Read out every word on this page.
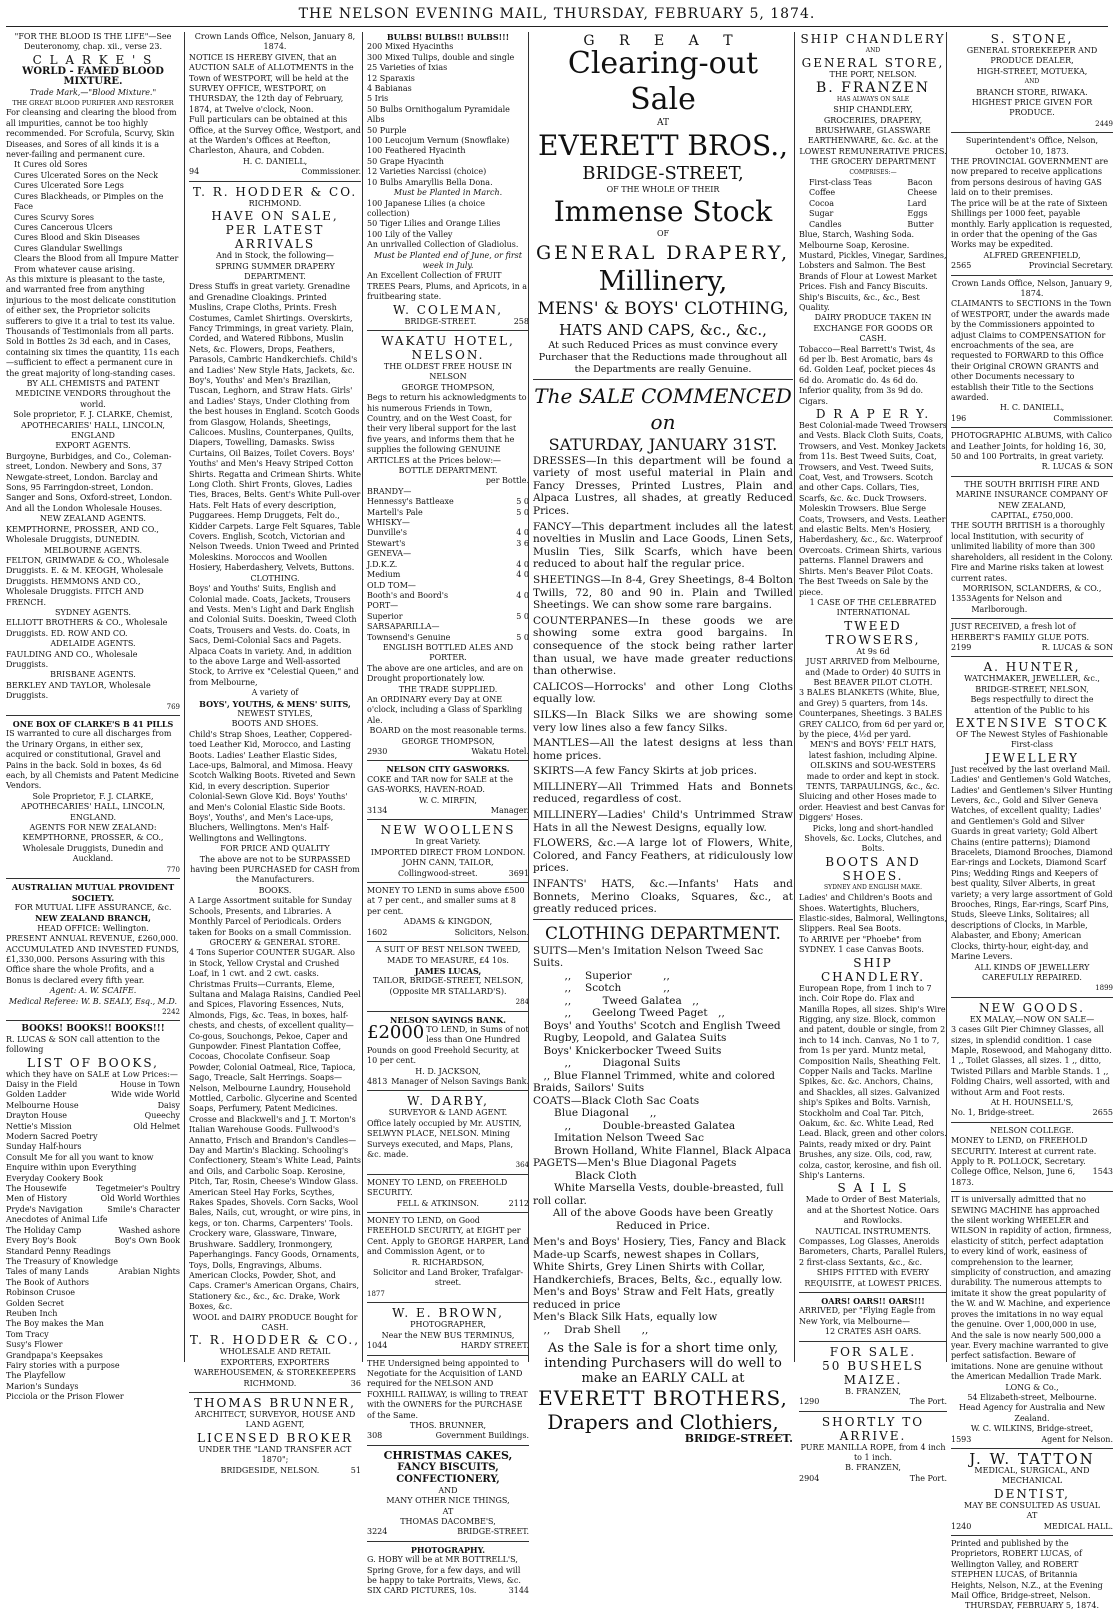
THE NELSON EVENING MAIL, THURSDAY, FEBRUARY 5, 1874.

"FOR THE BLOOD IS THE LIFE"—See Deuteronomy, chap. xii., verse 23.

C L A R K E ' S

WORLD - FAMED BLOOD MIXTURE.

Trade Mark,—"Blood Mixture."

THE GREAT BLOOD PURIFIER AND RESTORER

For cleansing and clearing the blood from all impurities, cannot be too highly recommended. For Scrofula, Scurvy, Skin Diseases, and Sores of all kinds it is a never-failing and permanent cure.

It Cures old Sores

Cures Ulcerated Sores on the Neck

Cures Ulcerated Sore Legs

Cures Blackheads, or Pimples on the Face

Cures Scurvy Sores

Cures Cancerous Ulcers

Cures Blood and Skin Diseases

Cures Glandular Swellings

Clears the Blood from all Impure Matter From whatever cause arising.

As this mixture is pleasant to the taste, and warranted free from anything injurious to the most delicate constitution of either sex, the Proprietor solicits sufferers to give it a trial to test its value. Thousands of Testimonials from all parts.

Sold in Bottles 2s 3d each, and in Cases, containing six times the quantity, 11s each—sufficient to effect a permanent cure in the great majority of long-standing cases.

BY ALL CHEMISTS and PATENT MEDICINE VENDORS throughout the world.

Sole proprietor, F. J. CLARKE, Chemist, APOTHECARIES' HALL, LINCOLN, ENGLAND

EXPORT AGENTS.

Burgoyne, Burbidges, and Co., Coleman-street, London. Newbery and Sons, 37 Newgate-street, London. Barclay and Sons, 95 Farringdon-street, London. Sanger and Sons, Oxford-street, London. And all the London Wholesale Houses.

NEW ZEALAND AGENTS.

KEMPTHORNE, PROSSER, AND CO., Wholesale Druggists, DUNEDIN.

MELBOURNE AGENTS.

FELTON, GRIMWADE & CO., Wholesale Druggists. E. & M. KEOGH, Wholesale Druggists. HEMMONS AND CO., Wholesale Druggists. FITCH AND FRENCH.

SYDNEY AGENTS.

ELLIOTT BROTHERS & CO., Wholesale Druggists. ED. ROW AND CO.

ADELAIDE AGENTS.

FAULDING AND CO., Wholesale Druggists.

BRISBANE AGENTS.

BERKLEY AND TAYLOR, Wholesale Druggists.

769

ONE BOX OF CLARKE'S B 41 PILLS

IS warranted to cure all discharges from the Urinary Organs, in either sex, acquired or constitutional, Gravel and Pains in the back. Sold in boxes, 4s 6d each, by all Chemists and Patent Medicine Vendors.

Sole Proprietor, F. J. CLARKE, APOTHECARIES' HALL, LINCOLN, ENGLAND.

AGENTS FOR NEW ZEALAND: KEMPTHORNE, PROSSER, & CO., Wholesale Druggists, Dunedin and Auckland.

770

AUSTRALIAN MUTUAL PROVIDENT SOCIETY.

FOR MUTUAL LIFE ASSURANCE, &c.

NEW ZEALAND BRANCH,

HEAD OFFICE: Wellington.

PRESENT ANNUAL REVENUE, £260,000. ACCUMULATED AND INVESTED FUNDS, £1,330,000. Persons Assuring with this Office share the whole Profits, and a Bonus is declared every fifth year.

Agent: A. W. SCAIFE.

Medical Referee: W. B. SEALY, Esq., M.D.

2242

BOOKS! BOOKS!! BOOKS!!!

R. LUCAS & SON call attention to the following

LIST OF BOOKS,

which they have on SALE at Low Prices:—

Daisy in the Field	House in Town
Golden Ladder	Wide wide World
Melbourne House	Daisy
Drayton House	Queechy
Nettie's Mission	Old Helmet
Modern Sacred Poetry
Sunday Half-hours
Consult Me for all you want to know
Enquire within upon Everything
Everyday Cookery Book
The Housewife	Tegetmeier's Poultry
Men of History	Old World Worthies
Pryde's Navigation	Smile's Character
Anecdotes of Animal Life
The Holiday Camp	Washed ashore
Every Boy's Book	Boy's Own Book
Standard Penny Readings
The Treasury of Knowledge
Tales of many Lands	Arabian Nights
The Book of Authors
Robinson Crusoe
Golden Secret
Reuben Inch
The Boy makes the Man
Tom Tracy
Susy's Flower
Grandpapa's Keepsakes
Fairy stories with a purpose
The Playfellow
Marion's Sundays
Picciola or the Prison Flower

Crown Lands Office, Nelson, January 8, 1874.

NOTICE IS HEREBY GIVEN, that an AUCTION SALE of ALLOTMENTS in the Town of WESTPORT, will be held at the SURVEY OFFICE, WESTPORT, on THURSDAY, the 12th day of February, 1874, at Twelve o'clock, Noon.

Full particulars can be obtained at this Office, at the Survey Office, Westport, and at the Warden's Offices at Reefton, Charleston, Ahaura, and Cobden.

H. C. DANIELL,

94	Commissioner.

T. R. HODDER & CO.

RICHMOND.

HAVE ON SALE,

PER LATEST ARRIVALS

And in Stock, the following—

SPRING SUMMER DRAPERY DEPARTMENT.

Dress Stuffs in great variety. Grenadine and Grenadine Cloakings. Printed Muslins, Crape Cloths, Prints. Fresh Costumes, Camlet Shirtings. Overskirts, Fancy Trimmings, in great variety. Plain, Corded, and Watered Ribbons, Muslin Nets, &c. Flowers, Drops, Feathers, Parasols, Cambric Handkerchiefs. Child's and Ladies' New Style Hats, Jackets, &c. Boy's, Youths' and Men's Brazilian, Tuscan, Leghorn, and Straw Hats. Girls' and Ladies' Stays, Under Clothing from the best houses in England. Scotch Goods from Glasgow, Holands, Sheetings, Calicoes. Muslins, Counterpanes, Quilts, Diapers, Towelling, Damasks. Swiss Curtains, Oil Baizes, Toilet Covers. Boys' Youths' and Men's Heavy Striped Cotton Shirts. Regatta and Crimean Shirts. White Long Cloth. Shirt Fronts, Gloves, Ladies Ties, Braces, Belts. Gent's White Pull-over Hats. Felt Hats of every description, Puggarees. Hemp Druggets, Felt do., Kidder Carpets. Large Felt Squares, Table Covers. English, Scotch, Victorian and Nelson Tweeds. Union Tweed and Printed Moleskins. Moroccos and Woollen Hosiery, Haberdashery, Velvets, Buttons.

CLOTHING.

Boys' and Youths' Suits, English and Colonial made. Coats, Jackets, Trousers and Vests. Men's Light and Dark English and Colonial Suits. Doeskin, Tweed Cloth Coats, Trousers and Vests. do. Coats, in Sacs, Demi-Colonial Sacs and Pagets. Alpaca Coats in variety. And, in addition to the above Large and Well-assorted Stock, to Arrive ex "Celestial Queen," and from Melbourne,

A variety of

BOYS', YOUTHS, & MENS' SUITS,

NEWEST STYLES,

BOOTS AND SHOES.

Child's Strap Shoes, Leather, Coppered-toed Leather Kid, Morocco, and Lasting Boots. Ladies' Leather Elastic Sides, Lace-ups, Balmoral, and Mimosa. Heavy Scotch Walking Boots. Riveted and Sewn Kid, in every description. Superior Colonial-Sewn Glove Kid. Boys' Youths' and Men's Colonial Elastic Side Boots. Boys', Youths', and Men's Lace-ups, Bluchers, Wellingtons. Men's Half-Wellingtons and Wellingtons.

FOR PRICE AND QUALITY

The above are not to be SURPASSED having been PURCHASED for CASH from the Manufacturers.

BOOKS.

A Large Assortment suitable for Sunday Schools, Presents, and Libraries. A Monthly Parcel of Periodicals. Orders taken for Books on a small Commission.

GROCERY & GENERAL STORE.

4 Tons Superior COUNTER SUGAR. Also in Stock, Yellow Crystal and Crushed Loaf, in 1 cwt. and 2 cwt. casks. Christmas Fruits—Currants, Eleme, Sultana and Malaga Raisins, Candied Peel and Spices, Flavoring Essences, Nuts, Almonds, Figs, &c. Teas, in boxes, half-chests, and chests, of excellent quality—Co-gous, Souchongs, Pekoe, Caper and Gunpowder. Finest Plantation Coffee, Cocoas, Chocolate Confiseur. Soap Powder, Colonial Oatmeal, Rice, Tapioca, Sago, Treacle, Salt Herrings. Soaps—Nelson, Melbourne Laundry, Household Mottled, Carbolic. Glycerine and Scented Soaps, Perfumery, Patent Medicines. Crosse and Blackwell's and J. T. Morton's Italian Warehouse Goods. Fullwood's Annatto, Frisch and Brandon's Candles—Day and Martin's Blacking. Schooling's Confectionery, Steam's White Lead, Paints and Oils, and Carbolic Soap. Kerosine, Pitch, Tar, Rosin, Cheese's Window Glass. American Steel Hay Forks, Scythes, Rakes Spades, Shovels. Corn Sacks, Wool Bales, Nails, cut, wrought, or wire pins, in kegs, or ton. Charms, Carpenters' Tools. Crockery ware, Glassware, Tinware, Brushware. Saddlery, Ironmongery, Paperhangings. Fancy Goods, Ornaments, Toys, Dolls, Engravings, Albums. American Clocks, Powder, Shot, and Caps. Cramer's American Organs, Chairs, Stationery &c., &c., &c. Drake, Work Boxes, &c.

WOOL and DAIRY PRODUCE Bought for CASH.

T. R. HODDER & CO.,

WHOLESALE AND RETAIL

EXPORTERS, EXPORTERS WAREHOUSEMEN, & STOREKEEPERS

RICHMOND.	36

THOMAS BRUNNER,

ARCHITECT, SURVEYOR, HOUSE AND LAND AGENT,

LICENSED BROKER

UNDER THE "LAND TRANSFER ACT 1870";

BRIDGESIDE, NELSON.	51

BULBS! BULBS!! BULBS!!!

200 Mixed Hyacinths

300 Mixed Tulips, double and single

25 Varieties of Ixias

12 Sparaxis

4 Babianas

5 Iris

50 Bulbs Ornithogalum Pyramidale Albs

50 Purple

100 Leucojum Vernum (Snowflake)

100 Feathered Hyacinth

50 Grape Hyacinth

12 Varieties Narcissi (choice)

10 Bulbs Amaryllis Bella Dona.

Must be Planted in March.

100 Japanese Lilies (a choice collection)

50 Tiger Lilies and Orange Lilies

100 Lily of the Valley

An unrivalled Collection of Gladiolus.

Must be Planted end of June, or first week in July.

An Excellent Collection of FRUIT TREES Pears, Plums, and Apricots, in a fruitbearing state.

W. COLEMAN,

BRIDGE-STREET.	258

WAKATU HOTEL, NELSON.

THE OLDEST FREE HOUSE IN NELSON

GEORGE THOMPSON,

Begs to return his acknowledgments to his numerous Friends in Town, Country, and on the West Coast, for their very liberal support for the last five years, and informs them that he supplies the following GENUINE ARTICLES at the Prices below:—

BOTTLE DEPARTMENT.

per Bottle.

BRANDY—
Hennessy's Battleaxe	5 0
Martell's Pale	5 0
WHISKY—
Dunville's	4 0
Stewart's	3 6
GENEVA—
J.D.K.Z.	4 0
Medium	4 0
OLD TOM—
Booth's and Boord's	4 0
PORT—
Superior	5 0
SARSAPARILLA—
Townsend's Genuine	5 0

ENGLISH BOTTLED ALES AND PORTER.

The above are one articles, and are on Drought proportionately low.

THE TRADE SUPPLIED.

An ORDINARY every Day at ONE o'clock, including a Glass of Sparkling Ale.

BOARD on the most reasonable terms.

GEORGE THOMPSON,

2930	Wakatu Hotel.

NELSON CITY GASWORKS.

COKE and TAR now for SALE at the GAS-WORKS, HAVEN-ROAD.

W. C. MIRFIN,

3134	Manager.

NEW WOOLLENS

In great Variety.

IMPORTED DIRECT FROM LONDON.

JOHN CANN, TAILOR,

Collingwood-street.	3691

MONEY TO LEND in sums above £500 at 7 per cent., and smaller sums at 8 per cent.

ADAMS & KINGDON,

1602	Solicitors, Nelson.

A SUIT OF BEST NELSON TWEED, MADE TO MEASURE, £4 10s.

JAMES LUCAS,

TAILOR, BRIDGE-STREET, NELSON, (Opposite MR STALLARD'S).

284

NELSON SAVINGS BANK.

£2000 TO LEND, in Sums of not less than One Hundred Pounds on good Freehold Security, at 10 per cent.

H. D. JACKSON,

4813 Manager of Nelson Savings Bank.

W. DARBY,

SURVEYOR & LAND AGENT.

Office lately occupied by Mr. AUSTIN, SELWYN PLACE, NELSON. Mining Surveys executed, and Maps, Plans, &c. made.

364

MONEY TO LEND, on FREEHOLD SECURITY.

FELL & ATKINSON.	2112

MONEY TO LEND, on Good FREEHOLD SECURITY, at EIGHT per Cent. Apply to GEORGE HARPER, Land and Commission Agent, or to

R. RICHARDSON,

Solicitor and Land Broker, Trafalgar-street.

1877

W. E. BROWN,

PHOTOGRAPHER,

Near the NEW BUS TERMINUS,

1044	HARDY STREET.

THE Undersigned being appointed to Negotiate for the Acquisition of LAND required for the NELSON AND FOXHILL RAILWAY, is willing to TREAT with the OWNERS for the PURCHASE of the Same.

THOS. BRUNNER,

308	Government Buildings.

CHRISTMAS CAKES,

FANCY BISCUITS,

CONFECTIONERY,

AND

MANY OTHER NICE THINGS,

AT

THOMAS DACOMBE'S,

3224	BRIDGE-STREET.

PHOTOGRAPHY.

G. HOBY will be at MR BOTTRELL'S, Spring Grove, for a few days, and will be happy to take Portraits, Views, &c.

SIX CARD PICTURES, 10s.	3144

G R E A T

Clearing-out Sale

AT

EVERETT BROS.,

BRIDGE-STREET,

OF THE WHOLE OF THEIR

Immense Stock

OF

GENERAL DRAPERY,

Millinery,

MENS' & BOYS' CLOTHING,

HATS AND CAPS, &c., &c.,

At such Reduced Prices as must convince every Purchaser that the Reductions made throughout all the Departments are really Genuine.

The SALE COMMENCED on

SATURDAY, JANUARY 31ST.

DRESSES—In this department will be found a variety of most useful material in Plain and Fancy Dresses, Printed Lustres, Plain and Alpaca Lustres, all shades, at greatly Reduced Prices.

FANCY—This department includes all the latest novelties in Muslin and Lace Goods, Linen Sets, Muslin Ties, Silk Scarfs, which have been reduced to about half the regular price.

SHEETINGS—In 8-4, Grey Sheetings, 8-4 Bolton Twills, 72, 80 and 90 in. Plain and Twilled Sheetings. We can show some rare bargains.

COUNTERPANES—In these goods we are showing some extra good bargains. In consequence of the stock being rather larter than usual, we have made greater reductions than otherwise.

CALICOS—Horrocks' and other Long Cloths equally low.

SILKS—In Black Silks we are showing some very low lines also a few fancy Silks.

MANTLES—All the latest designs at less than home prices.

SKIRTS—A few Fancy Skirts at job prices.

MILLINERY—All Trimmed Hats and Bonnets reduced, regardless of cost.

MILLINERY—Ladies' Child's Untrimmed Straw Hats in all the Newest Designs, equally low.

FLOWERS, &c.—A large lot of Flowers, White, Colored, and Fancy Feathers, at ridiculously low prices.

INFANTS' HATS, &c.—Infants' Hats and Bonnets, Merino Cloaks, Squares, &c., at greatly reduced prices.

CLOTHING DEPARTMENT.

SUITS—Men's Imitation Nelson Tweed Sac Suits.

   ,,  Superior   ,,

   ,,  Scotch    ,,

   ,,   Tweed Galatea ,,

   ,,  Geelong Tweed Paget ,,

 Boys' and Youths' Scotch and English Tweed

 Rugby, Leopold, and Galatea Suits

 Boys' Knickerbocker Tweed Suits

   ,,   Diagonal Suits

 ,, Blue Flannel Trimmed, white and colored Braids, Sailors' Suits

COATS—Black Cloth Sac Coats

  Blue Diagonal  ,,

   ,,   Double-breasted Galatea

  Imitation Nelson Tweed Sac

  Brown Holland, White Flannel, Black Alpaca

PAGETS—Men's Blue Diagonal Pagets

    Black Cloth

  White Marsella Vests, double-breasted, full roll collar.

All of the above Goods have been Greatly Reduced in Price.

Men's and Boys' Hosiery, Ties, Fancy and Black Made-up Scarfs, newest shapes in Collars, White Shirts, Grey Linen Shirts with Collar, Handkerchiefs, Braces, Belts, &c., equally low.

Men's and Boys' Straw and Felt Hats, greatly reduced in price

Men's Black Silk Hats, equally low

 ,,  Drab Shell  ,,

As the Sale is for a short time only, intending Purchasers will do well to make an EARLY CALL at

EVERETT BROTHERS,

Drapers and Clothiers,

BRIDGE-STREET.

SHIP CHANDLERY

AND

GENERAL STORE,

THE PORT, NELSON.

B. FRANZEN

HAS ALWAYS ON SALE

SHIP CHANDLERY,

GROCERIES, DRAPERY,

BRUSHWARE, GLASSWARE

EARTHENWARE, &c. &c. at the

LOWEST REMUNERATIVE PRICES.

THE GROCERY DEPARTMENT

COMPRISES:—

First-class Teas

Coffee

Cocoa

Sugar

Candles

Bacon

Cheese

Lard

Eggs

Butter

Blue, Starch, Washing Soda. Melbourne Soap, Kerosine. Mustard, Pickles, Vinegar, Sardines, Lobsters and Salmon. The Best Brands of Flour at Lowest Market Prices. Fish and Fancy Biscuits. Ship's Biscuits, &c., &c., Best Quality.

DAIRY PRODUCE TAKEN IN EXCHANGE FOR GOODS OR CASH.

Tobacco—Real Barrett's Twist, 4s 6d per lb. Best Aromatic, bars 4s 6d. Golden Leaf, pocket pieces 4s 6d do. Aromatic do. 4s 6d do. Inferior quality, from 3s 9d do. Cigars.

D R A P E R Y.

Best Colonial-made Tweed Trowsers and Vests. Black Cloth Suits, Coats, Trowsers, and Vest. Monkey Jackets from 11s. Best Tweed Suits, Coat, Trowsers, and Vest. Tweed Suits, Coat, Vest, and Trowsers. Scotch and other Caps. Collars, Ties, Scarfs, &c. &c. Duck Trowsers. Moleskin Trowsers. Blue Serge Coats, Trowsers, and Vests. Leather and elastic Belts. Men's Hosiery, Haberdashery, &c., &c. Waterproof Overcoats. Crimean Shirts, various patterns. Flannel Drawers and Shirts. Men's Beaver Pilot Coats. The Best Tweeds on Sale by the piece.

1 CASE OF THE CELEBRATED

INTERNATIONAL

TWEED TROWSERS,

At 9s 6d

JUST ARRIVED from Melbourne, and (Made to Order) 40 SUITS in Best BEAVER PILOT CLOTH.

3 BALES BLANKETS (White, Blue, and Grey) 5 quarters, from 14s. Counterpanes, Sheetings. 3 BALES GREY CALICO, from 6d per yard or, by the piece, 4½d per yard.

MEN'S and BOYS' FELT HATS, latest fashion, including Alpine.

OILSKINS and SOU-WESTERS made to order and kept in stock.

TENTS, TARPAULINGS, &c., &c.

Sluicing and other Hoses made to order. Heaviest and best Canvas for Diggers' Hoses.

Picks, long and short-handled Shovels, &c. Locks, Clutches, and Bolts.

BOOTS AND SHOES.

SYDNEY AND ENGLISH MAKE.

Ladies' and Children's Boots and Shoes. Watertights, Bluchers, Elastic-sides, Balmoral, Wellingtons, Slippers. Real Sea Boots.

To ARRIVE per "Phoebe" from SYDNEY. 1 case Canvas Boots.

SHIP CHANDLERY.

European Rope, from 1 inch to 7 inch. Coir Rope do. Flax and Manilla Ropes, all sizes. Ship's Wire Rigging, any size. Block, common and patent, double or single, from 2 inch to 14 inch. Canvas, No 1 to 7, from 1s per yard. Muntz metal, Composition Nails, Sheathing Felt. Copper Nails and Tacks. Marline Spikes, &c. &c. Anchors, Chains, and Shackles, all sizes. Galvanized ship's Spikes and Bolts. Varnish, Stockholm and Coal Tar. Pitch, Oakum, &c. &c. White Lead, Red Lead. Black, green and other colors. Paints, ready mixed or dry. Paint Brushes, any size. Oils, cod, raw, colza, castor, kerosine, and fish oil. Ship's Lanterns.

S A I L S

Made to Order of Best Materials, and at the Shortest Notice. Oars and Rowlocks.

NAUTICAL INSTRUMENTS.

Compasses, Log Glasses, Aneroids Barometers, Charts, Parallel Rulers, 2 first-class Sextants, &c., &c.

SHIPS FITTED with EVERY REQUISITE, at LOWEST PRICES.

OARS! OARS!! OARS!!!

ARRIVED, per "Flying Eagle from New York, via Melbourne—

12 CRATES ASH OARS.

FOR SALE.

50 BUSHELS MAIZE.

B. FRANZEN,

1290	The Port.

SHORTLY TO ARRIVE.

PURE MANILLA ROPE, from 4 inch to 1 inch.

B. FRANZEN,

2904	The Port.

S. STONE,

GENERAL STOREKEEPER AND PRODUCE DEALER,

HIGH-STREET, MOTUEKA,

AND

BRANCH STORE, RIWAKA.

HIGHEST PRICE GIVEN FOR PRODUCE.

2449

Superintendent's Office, Nelson, October 10, 1873.

THE PROVINCIAL GOVERNMENT are now prepared to receive applications from persons desirous of having GAS laid on to their premises.

The price will be at the rate of Sixteen Shillings per 1000 feet, payable monthly. Early application is requested, in order that the opening of the Gas Works may be expedited.

ALFRED GREENFIELD,

2565	Provincial Secretary.

Crown Lands Office, Nelson, January 9, 1874.

CLAIMANTS to SECTIONS in the Town of WESTPORT, under the awards made by the Commissioners appointed to adjust Claims to COMPENSATION for encroachments of the sea, are requested to FORWARD to this Office their Original CROWN GRANTS and other Documents necessary to establish their Title to the Sections awarded.

H. C. DANIELL,

196	Commissioner.

PHOTOGRAPHIC ALBUMS, with Calico and Leather Joints, for holding 16, 30, 50 and 100 Portraits, in great variety.

R. LUCAS & SON

THE SOUTH BRITISH FIRE AND MARINE INSURANCE COMPANY OF NEW ZEALAND,

CAPITAL, £750,000.

THE SOUTH BRITISH is a thoroughly local Institution, with security of unlimited liability of more than 300 shareholders, all resident in the Colony. Fire and Marine risks taken at lowest current rates.

MORRISON, SCLANDERS, & CO.,

1353 Agents for Nelson and Marlborough.

JUST RECEIVED, a fresh lot of HERBERT'S FAMILY GLUE POTS.

2199	R. LUCAS & SON

A. HUNTER,

WATCHMAKER, JEWELLER, &c.,

BRIDGE-STREET, NELSON,

Begs respectfully to direct the attention of the Public to his

EXTENSIVE STOCK

OF The Newest Styles of Fashionable First-class

JEWELLERY

Just received by the last overland Mail. Ladies' and Gentlemen's Gold Watches, Ladies' and Gentlemen's Silver Hunting Levers, &c., Gold and Silver Geneva Watches, of excellent quality; Ladies' and Gentlemen's Gold and Silver Guards in great variety; Gold Albert Chains (entire patterns); Diamond Bracelets, Diamond Brooches, Diamond Ear-rings and Lockets, Diamond Scarf Pins; Wedding Rings and Keepers of best quality, Silver Alberts, in great variety; a very large assortment of Gold Brooches, Rings, Ear-rings, Scarf Pins, Studs, Sleeve Links, Solitaires; all descriptions of Clocks, in Marble, Alabaster, and Ebony; American Clocks, thirty-hour, eight-day, and Marine Levers.

ALL KINDS OF JEWELLERY CAREFULLY REPAIRED.

1899

NEW GOODS.

EX MALAY,—NOW ON SALE—

3 cases Gilt Pier Chimney Glasses, all sizes, in splendid condition. 1 case Maple, Rosewood, and Mahogany ditto. 1 ,, Toilet Glasses, all sizes. 1 ,, ditto, Twisted Pillars and Marble Stands. 1 ,, Folding Chairs, well assorted, with and without Arm and Foot rests.

At H. HOUNSELL'S,

No. 1, Bridge-street.	2655

NELSON COLLEGE.

MONEY to LEND, on FREEHOLD SECURITY. Interest at current rate. Apply to R. POLLOCK, Secretary.

College Office, Nelson, June 6, 1873.
1543

IT is universally admitted that no SEWING MACHINE has approached the silent working WHEELER and WILSON in rapidity of action, firmness, elasticity of stitch, perfect adaptation to every kind of work, easiness of comprehension to the learner, simplicity of construction, and amazing durability. The numerous attempts to imitate it show the great popularity of the W. and W. Machine, and experience proves the imitations in no way equal the genuine. Over 1,000,000 in use, And the sale is now nearly 500,000 a year. Every machine warranted to give perfect satisfaction. Beware of imitations. None are genuine without the American Medallion Trade Mark.

LONG & Co.,

54 Elizabeth-street, Melbourne.

Head Agency for Australia and New Zealand.

W. C. WILKINS, Bridge-street,

1593	Agent for Nelson.

J. W. TATTON

MEDICAL, SURGICAL, AND MECHANICAL

DENTIST,

MAY BE CONSULTED AS USUAL

AT

1240	MEDICAL HALL.

Printed and published by the Proprietors, ROBERT LUCAS, of Wellington Valley, and ROBERT STEPHEN LUCAS, of Britannia Heights, Nelson, N.Z., at the Evening Mail Office, Bridge-street, Nelson.

THURSDAY, FEBRUARY 5, 1874.
